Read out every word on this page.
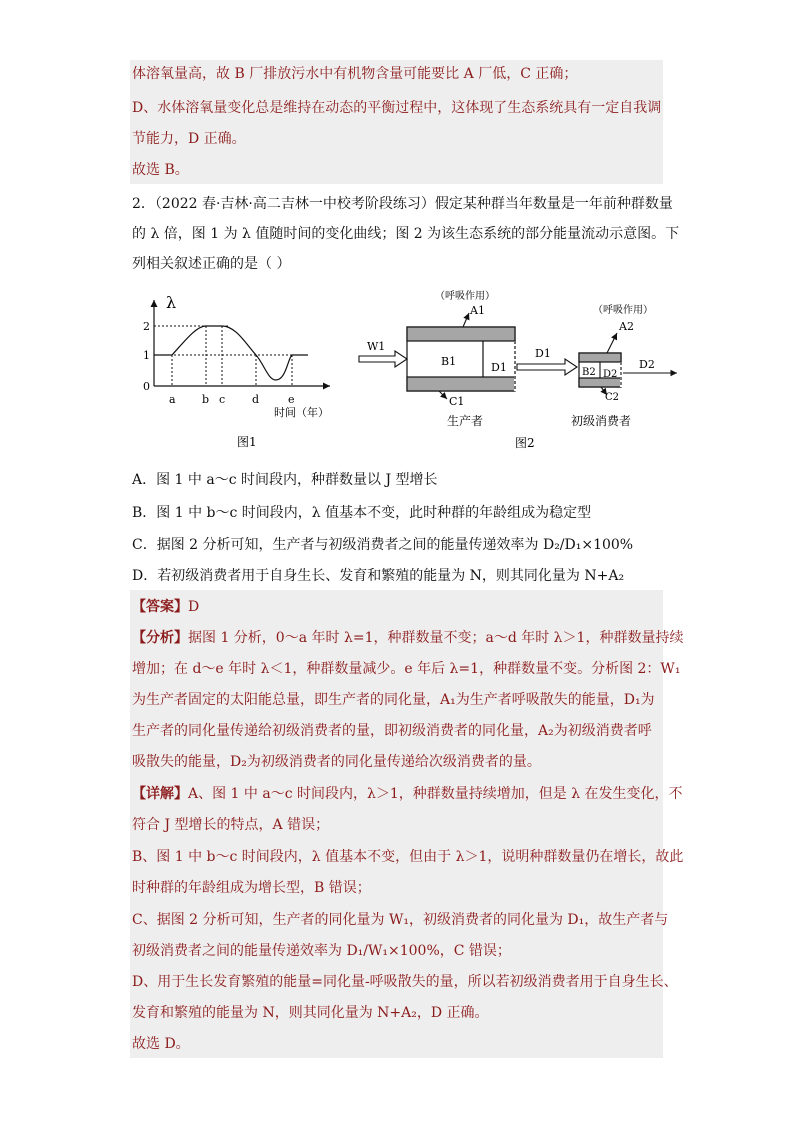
体溶氧量高，故 B 厂排放污水中有机物含量可能要比 A 厂低，C 正确；
D、水体溶氧量变化总是维持在动态的平衡过程中，这体现了生态系统具有一定自我调
节能力，D 正确。
故选 B。
2．（2022 春·吉林·高二吉林一中校考阶段练习）假定某种群当年数量是一年前种群数量
的 λ 倍，图 1 为 λ 值随时间的变化曲线；图 2 为该生态系统的部分能量流动示意图。下
列相关叙述正确的是（ ）
λ
2
1
0
a b c d	e
时间（年）
图1
（呼吸作用）
A1
W1
B1	D1
C1
生产者
D1
（呼吸作用）
A2
B2 D2
C2
D2
初级消费者
图2
A．图 1 中 a～c 时间段内，种群数量以 J 型增长
B．图 1 中 b～c 时间段内，λ 值基本不变，此时种群的年龄组成为稳定型
C．据图 2 分析可知，生产者与初级消费者之间的能量传递效率为 D₂/D₁×100%
D．若初级消费者用于自身生长、发育和繁殖的能量为 N，则其同化量为 N+A₂
【答案】D
【分析】据图 1 分析，0～a 年时 λ=1，种群数量不变；a～d 年时 λ＞1，种群数量持续
增加；在 d～e 年时 λ＜1，种群数量减少。e 年后 λ=1，种群数量不变。分析图 2：W₁
为生产者固定的太阳能总量，即生产者的同化量，A₁为生产者呼吸散失的能量，D₁为
生产者的同化量传递给初级消费者的量，即初级消费者的同化量，A₂为初级消费者呼
吸散失的能量，D₂为初级消费者的同化量传递给次级消费者的量。
【详解】A、图 1 中 a～c 时间段内，λ＞1，种群数量持续增加，但是 λ 在发生变化，不
符合 J 型增长的特点，A 错误；
B、图 1 中 b～c 时间段内，λ 值基本不变，但由于 λ＞1，说明种群数量仍在增长，故此
时种群的年龄组成为增长型，B 错误；
C、据图 2 分析可知，生产者的同化量为 W₁，初级消费者的同化量为 D₁，故生产者与
初级消费者之间的能量传递效率为 D₁/W₁×100%，C 错误；
D、用于生长发育繁殖的能量=同化量-呼吸散失的量，所以若初级消费者用于自身生长、
发育和繁殖的能量为 N，则其同化量为 N+A₂，D 正确。
故选 D。
